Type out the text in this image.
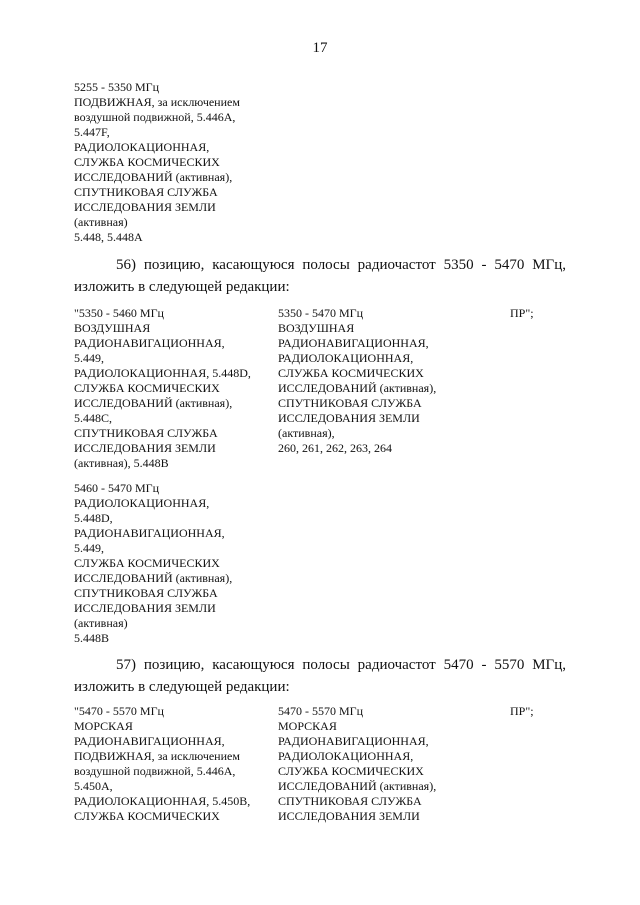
17
5255 - 5350 МГц
ПОДВИЖНАЯ, за исключением
воздушной подвижной, 5.446А,
5.447F,
РАДИОЛОКАЦИОННАЯ,
СЛУЖБА КОСМИЧЕСКИХ
ИССЛЕДОВАНИЙ (активная),
СПУТНИКОВАЯ СЛУЖБА
ИССЛЕДОВАНИЯ ЗЕМЛИ
(активная)
5.448, 5.448А
56) позицию, касающуюся полосы радиочастот 5350 - 5470 МГц,
изложить в следующей редакции:
"5350 - 5460 МГц
ВОЗДУШНАЯ
РАДИОНАВИГАЦИОННАЯ,
5.449,
РАДИОЛОКАЦИОННАЯ, 5.448D,
СЛУЖБА КОСМИЧЕСКИХ
ИССЛЕДОВАНИЙ (активная),
5.448С,
СПУТНИКОВАЯ СЛУЖБА
ИССЛЕДОВАНИЯ ЗЕМЛИ
(активная), 5.448В
5350 - 5470 МГц
ВОЗДУШНАЯ
РАДИОНАВИГАЦИОННАЯ,
РАДИОЛОКАЦИОННАЯ,
СЛУЖБА КОСМИЧЕСКИХ
ИССЛЕДОВАНИЙ (активная),
СПУТНИКОВАЯ СЛУЖБА
ИССЛЕДОВАНИЯ ЗЕМЛИ
(активная),
260, 261, 262, 263, 264
ПР";
5460 - 5470 МГц
РАДИОЛОКАЦИОННАЯ,
5.448D,
РАДИОНАВИГАЦИОННАЯ,
5.449,
СЛУЖБА КОСМИЧЕСКИХ
ИССЛЕДОВАНИЙ (активная),
СПУТНИКОВАЯ СЛУЖБА
ИССЛЕДОВАНИЯ ЗЕМЛИ
(активная)
5.448В
57) позицию, касающуюся полосы радиочастот 5470 - 5570 МГц,
изложить в следующей редакции:
"5470 - 5570 МГц
МОРСКАЯ
РАДИОНАВИГАЦИОННАЯ,
ПОДВИЖНАЯ, за исключением
воздушной подвижной, 5.446А,
5.450А,
РАДИОЛОКАЦИОННАЯ, 5.450В,
СЛУЖБА КОСМИЧЕСКИХ
5470 - 5570 МГц
МОРСКАЯ
РАДИОНАВИГАЦИОННАЯ,
РАДИОЛОКАЦИОННАЯ,
СЛУЖБА КОСМИЧЕСКИХ
ИССЛЕДОВАНИЙ (активная),
СПУТНИКОВАЯ СЛУЖБА
ИССЛЕДОВАНИЯ ЗЕМЛИ
ПР";
